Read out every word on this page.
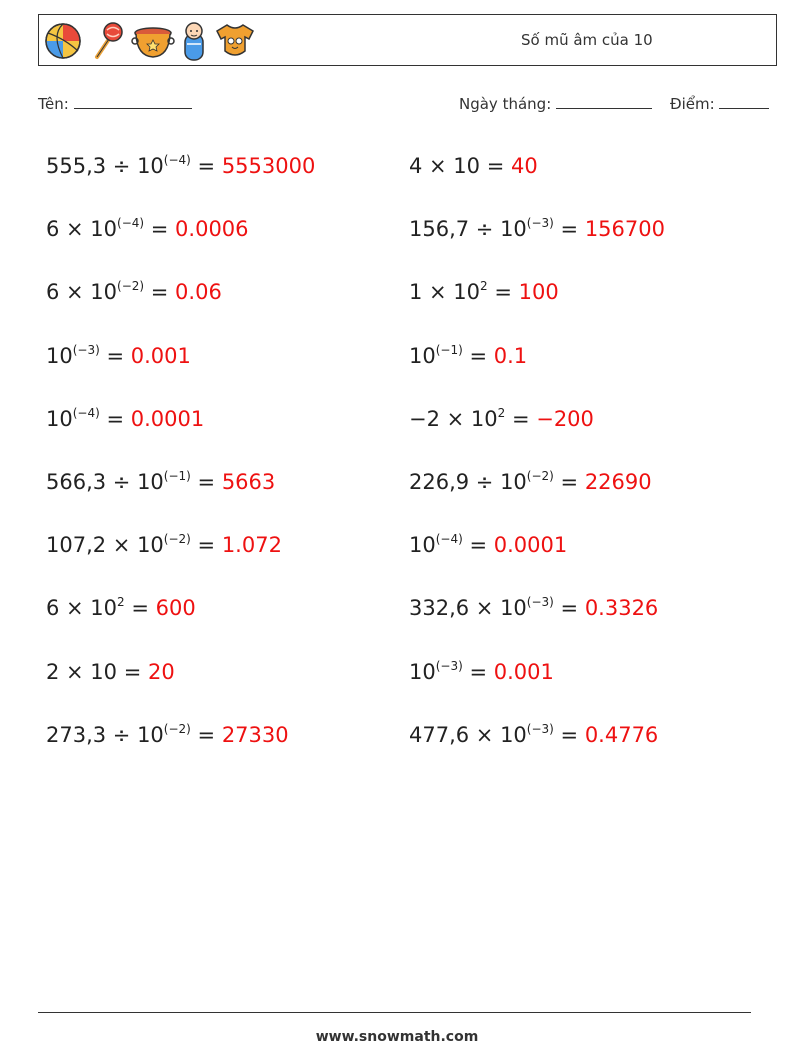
Số mũ âm của 10
Tên:	Ngày tháng:	Điểm:
$555,3 \div 10^{(-4)} = 5553000$	4 × 10 = 40
$6 \times 10^{(-4)} = 0.0006$	$156,7 \div 10^{(-3)} = 156700$
$6 \times 10^{(-2)} = 0.06$	$1 \times 10^2 = 100$
$10^{(-3)} = 0.001$	$10^{(-1)} = 0.1$
$10^{(-4)} = 0.0001$	$-2 \times 10^2 = -200$
$566,3 \div 10^{(-1)} = 5663$	$226,9 \div 10^{(-2)} = 22690$
$107,2 \times 10^{(-2)} = 1.072$	$10^{(-4)} = 0.0001$
$6 \times 10^2 = 600$	$332,6 \times 10^{(-3)} = 0.3326$
2 × 10 = 20	$10^{(-3)} = 0.001$
$273,3 \div 10^{(-2)} = 27330$	$477,6 \times 10^{(-3)} = 0.4776$
www.snowmath.com
